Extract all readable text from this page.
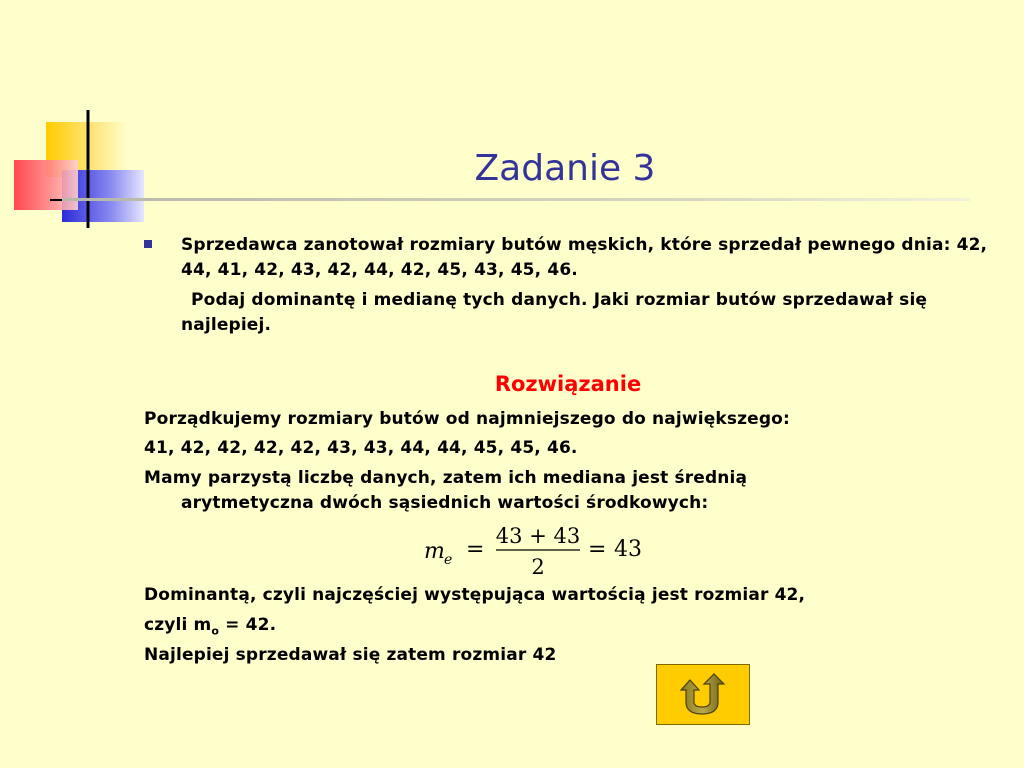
Zadanie 3

Sprzedawca zanotował rozmiary butów męskich, które sprzedał pewnego dnia: 42, 44, 41, 42, 43, 42, 44, 42, 45, 43, 45, 46.

Podaj dominantę i medianę tych danych. Jaki rozmiar butów sprzedawał się najlepiej.

Rozwiązanie
Porządkujemy rozmiary butów od najmniejszego do największego:
41, 42, 42, 42, 42, 43, 43, 44, 44, 45, 45, 46.
Mamy parzystą liczbę danych, zatem ich mediana jest średnią
arytmetyczna dwóch sąsiednich wartości środkowych:
m e =
43 + 43
2
= 43
Dominantą, czyli najczęściej występująca wartością jest rozmiar 42,
czyli $m_o = 42$.
Najlepiej sprzedawał się zatem rozmiar 42
